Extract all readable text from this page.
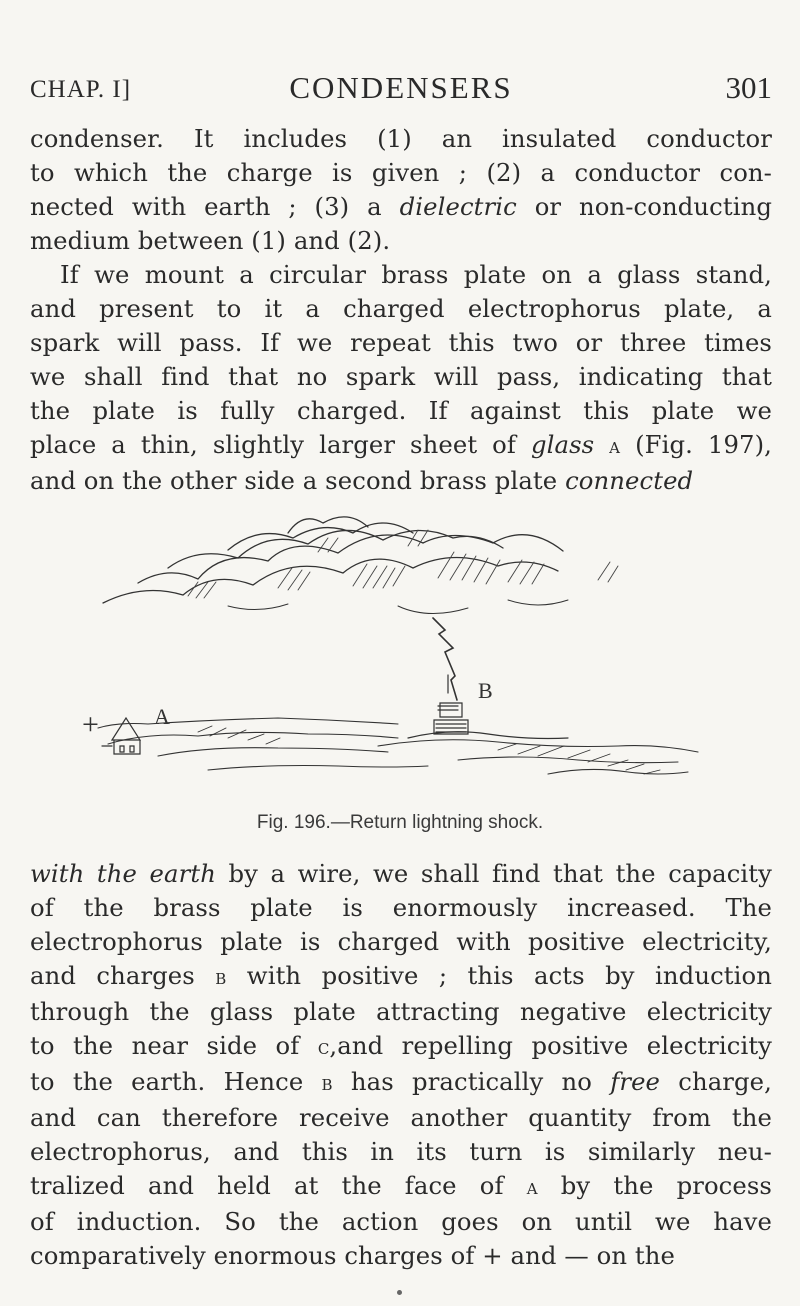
CHAP. I]	CONDENSERS	301
condenser. It includes (1) an insulated conductor
to which the charge is given ; (2) a conductor con-
nected with earth ; (3) a dielectric or non-conducting
medium between (1) and (2).
If we mount a circular brass plate on a glass stand,
and present to it a charged electrophorus plate, a
spark will pass. If we repeat this two or three times
we shall find that no spark will pass, indicating that
the plate is fully charged. If against this plate we
place a thin, slightly larger sheet of glass a (Fig. 197),
and on the other side a second brass plate connected
+	A
B
Fig. 196.—Return lightning shock.
with the earth by a wire, we shall find that the capacity
of the brass plate is enormously increased. The
electrophorus plate is charged with positive electricity,
and charges b with positive ; this acts by induction
through the glass plate attracting negative electricity
to the near side of c,and repelling positive electricity
to the earth. Hence b has practically no free charge,
and can therefore receive another quantity from the
electrophorus, and this in its turn is similarly neu-
tralized and held at the face of a by the process
of induction. So the action goes on until we have
comparatively enormous charges of + and — on the
